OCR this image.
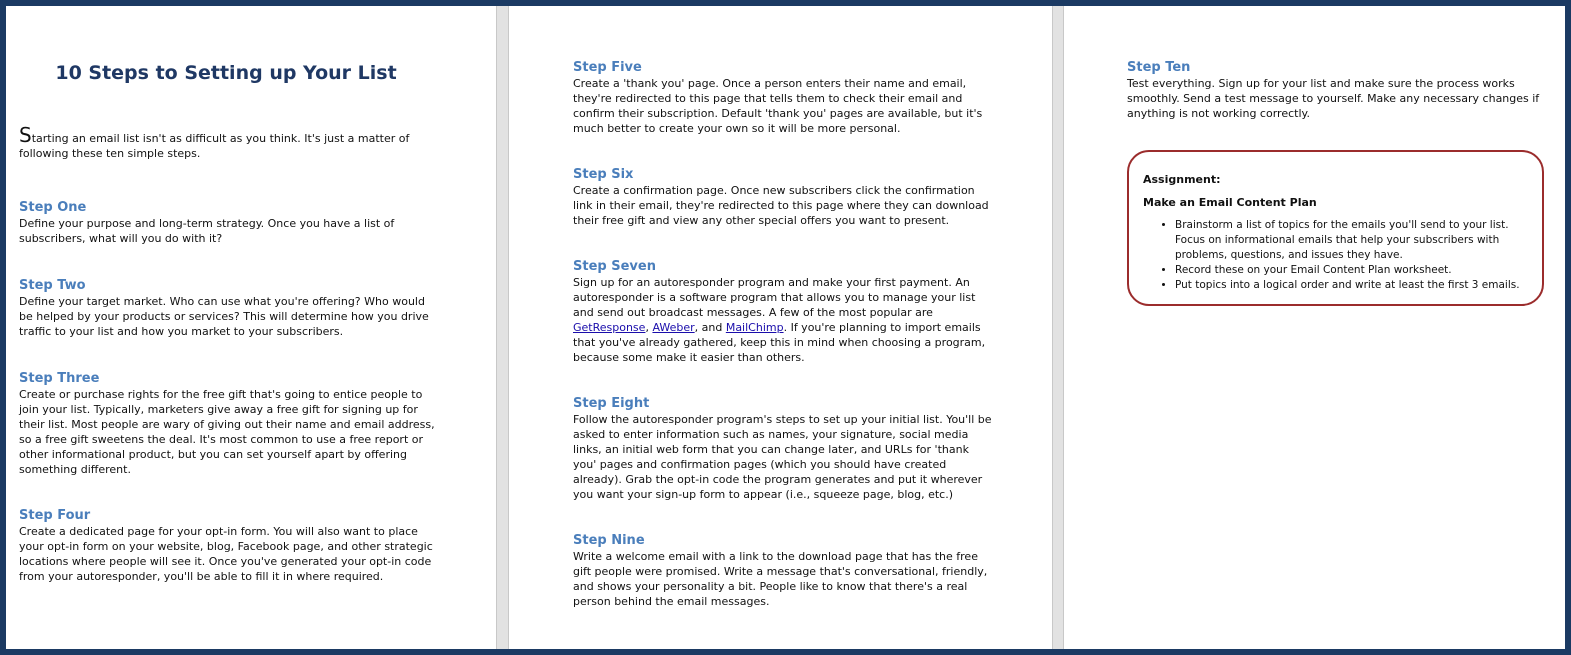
10 Steps to Setting up Your List

Starting an email list isn't as difficult as you think. It's just a matter of following these ten simple steps.

Step One

Define your purpose and long-term strategy. Once you have a list of subscribers, what will you do with it?

Step Two

Define your target market. Who can use what you're offering? Who would be helped by your products or services? This will determine how you drive traffic to your list and how you market to your subscribers.

Step Three

Create or purchase rights for the free gift that's going to entice people to join your list. Typically, marketers give away a free gift for signing up for their list. Most people are wary of giving out their name and email address, so a free gift sweetens the deal. It's most common to use a free report or other informational product, but you can set yourself apart by offering something different.

Step Four

Create a dedicated page for your opt-in form. You will also want to place your opt-in form on your website, blog, Facebook page, and other strategic locations where people will see it. Once you've generated your opt-in code from your autoresponder, you'll be able to fill it in where required.

Step Five

Create a 'thank you' page. Once a person enters their name and email, they're redirected to this page that tells them to check their email and confirm their subscription. Default 'thank you' pages are available, but it's much better to create your own so it will be more personal.

Step Six

Create a confirmation page. Once new subscribers click the confirmation link in their email, they're redirected to this page where they can download their free gift and view any other special offers you want to present.

Step Seven

Sign up for an autoresponder program and make your first payment. An autoresponder is a software program that allows you to manage your list and send out broadcast messages. A few of the most popular are GetResponse, AWeber, and MailChimp. If you're planning to import emails that you've already gathered, keep this in mind when choosing a program, because some make it easier than others.

Step Eight

Follow the autoresponder program's steps to set up your initial list. You'll be asked to enter information such as names, your signature, social media links, an initial web form that you can change later, and URLs for 'thank you' pages and confirmation pages (which you should have created already). Grab the opt-in code the program generates and put it wherever you want your sign-up form to appear (i.e., squeeze page, blog, etc.)

Step Nine

Write a welcome email with a link to the download page that has the free gift people were promised. Write a message that's conversational, friendly, and shows your personality a bit. People like to know that there's a real person behind the email messages.

Step Ten

Test everything. Sign up for your list and make sure the process works smoothly. Send a test message to yourself. Make any necessary changes if anything is not working correctly.

Assignment:

Make an Email Content Plan

• Brainstorm a list of topics for the emails you'll send to your list. Focus on informational emails that help your subscribers with problems, questions, and issues they have.
• Record these on your Email Content Plan worksheet.
• Put topics into a logical order and write at least the first 3 emails.
